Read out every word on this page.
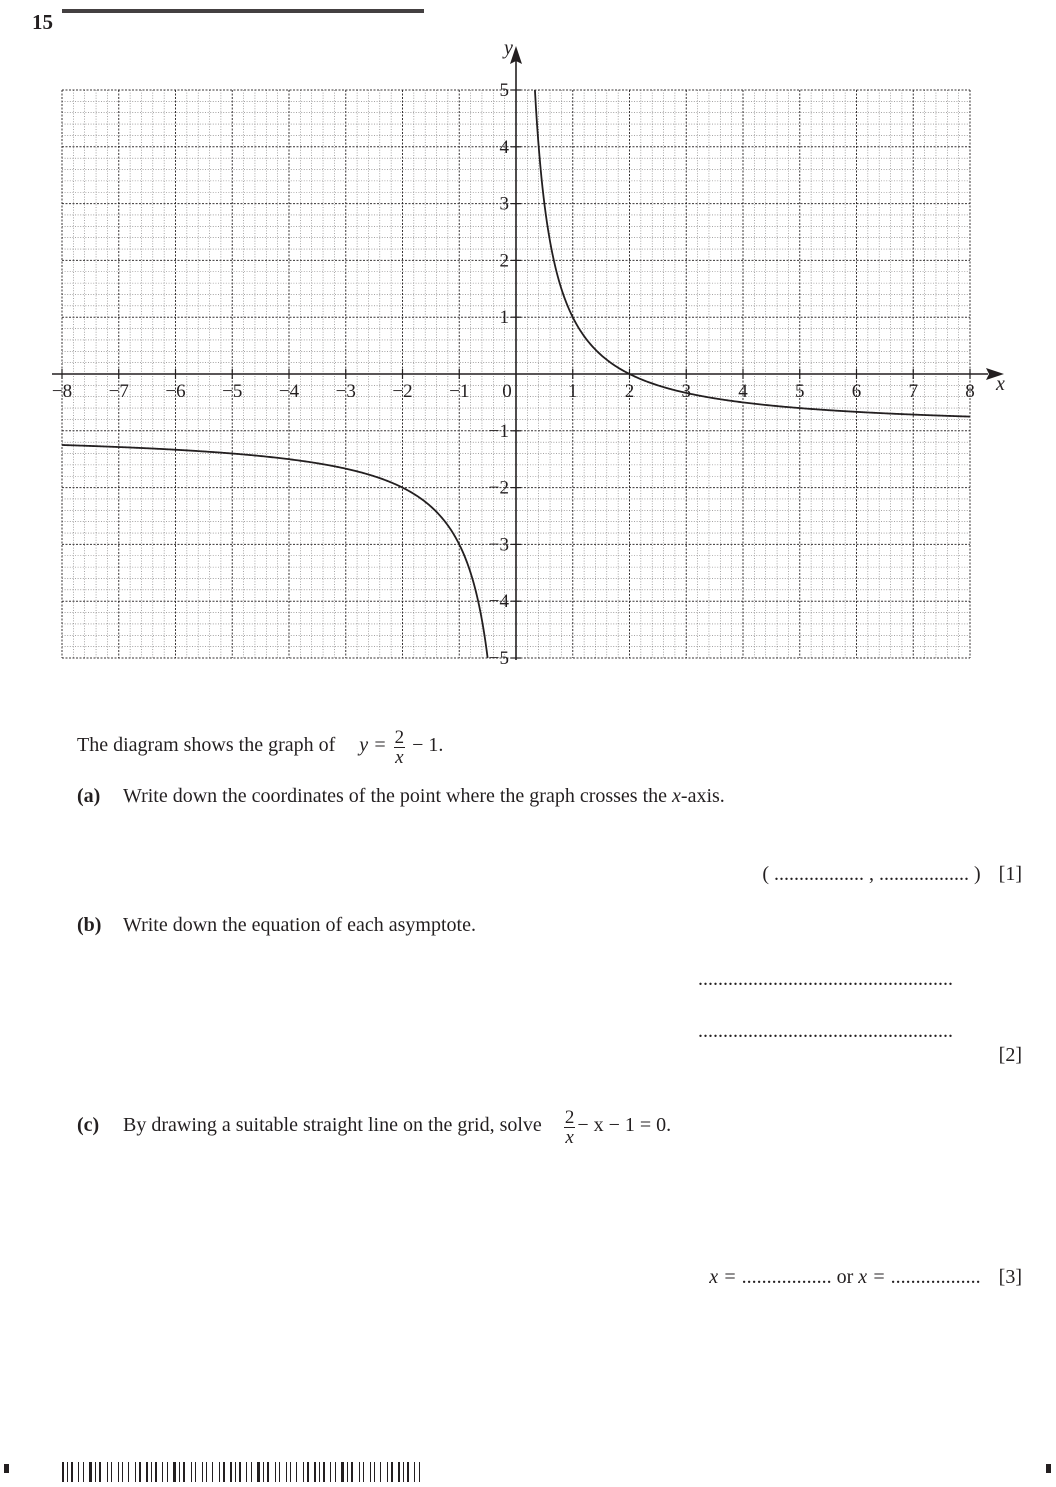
15
−8 −7 −6 −5 −4 −3 −2 −1 0	1 2 3 4 5 6 7 8
1
2
3
4
5
−1
−2
−3
−4
−5
x
y
The diagram shows the graph of $y = \frac{2}{x} - 1$.
(a) Write down the coordinates of the point where the graph crosses the x-axis.
( .................. , .................. ) [1]
(b) Write down the equation of each asymptote.
...................................................
...................................................
[2]
(c) By drawing a suitable straight line on the grid, solve $\frac{2}{x} - x - 1 = 0$.
x = .................. or x = .................. [3]
